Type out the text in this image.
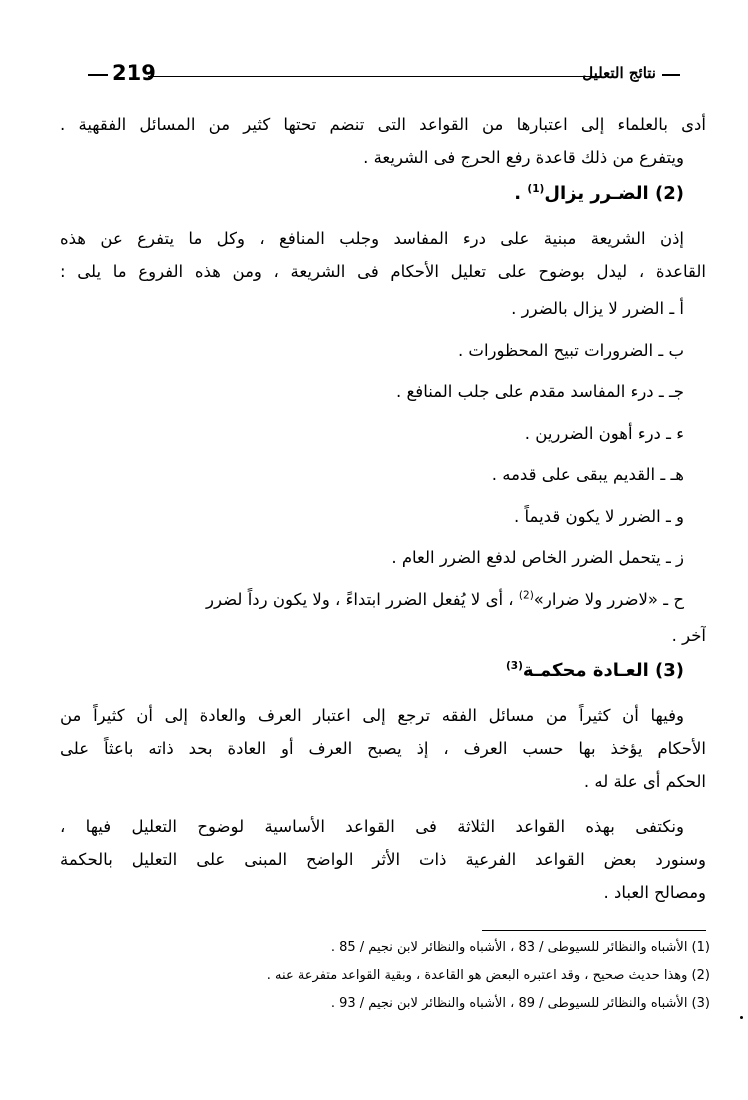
219	نتائج التعليل
أدى بالعلماء إلى اعتبارها من القواعد التى تنضم تحتها كثير من المسائل الفقهية .
ويتفرع من ذلك قاعدة رفع الحرج فى الشريعة .
(2) الضـرر يزال$^{(1)}$ .
إذن الشريعة مبنية على درء المفاسد وجلب المنافع ، وكل ما يتفرع عن هذه
القاعدة ، ليدل بوضوح على تعليل الأحكام فى الشريعة ، ومن هذه الفروع ما يلى :
أ ـ الضرر لا يزال بالضرر .
ب ـ الضرورات تبيح المحظورات .
جـ ـ درء المفاسد مقدم على جلب المنافع .
ء ـ درء أهون الضررين .
هـ ـ القديم يبقى على قدمه .
و ـ الضرر لا يكون قديماً .
ز ـ يتحمل الضرر الخاص لدفع الضرر العام .
ح ـ «لاضرر ولا ضرار»$^{(2)}$ ، أى لا يُفعل الضرر ابتداءً ، ولا يكون رداً لضرر
آخر .
(3) العـادة محكمـة$^{(3)}$
وفيها أن كثيراً من مسائل الفقه ترجع إلى اعتبار العرف والعادة إلى أن كثيراً من
الأحكام يؤخذ بها حسب العرف ، إذ يصبح العرف أو العادة بحد ذاته باعثاً على
الحكم أى علة له .
ونكتفى بهذه القواعد الثلاثة فى القواعد الأساسية لوضوح التعليل فيها ،
وسنورد بعض القواعد الفرعية ذات الأثر الواضح المبنى على التعليل بالحكمة
ومصالح العباد .
(1) الأشباه والنظائر للسيوطى / 83 ، الأشباه والنظائر لابن نجيم / 85 .
(2) وهذا حديث صحيح ، وقد اعتبره البعض هو القاعدة ، وبقية القواعد متفرعة عنه .
(3) الأشباه والنظائر للسيوطى / 89 ، الأشباه والنظائر لابن نجيم / 93 .
